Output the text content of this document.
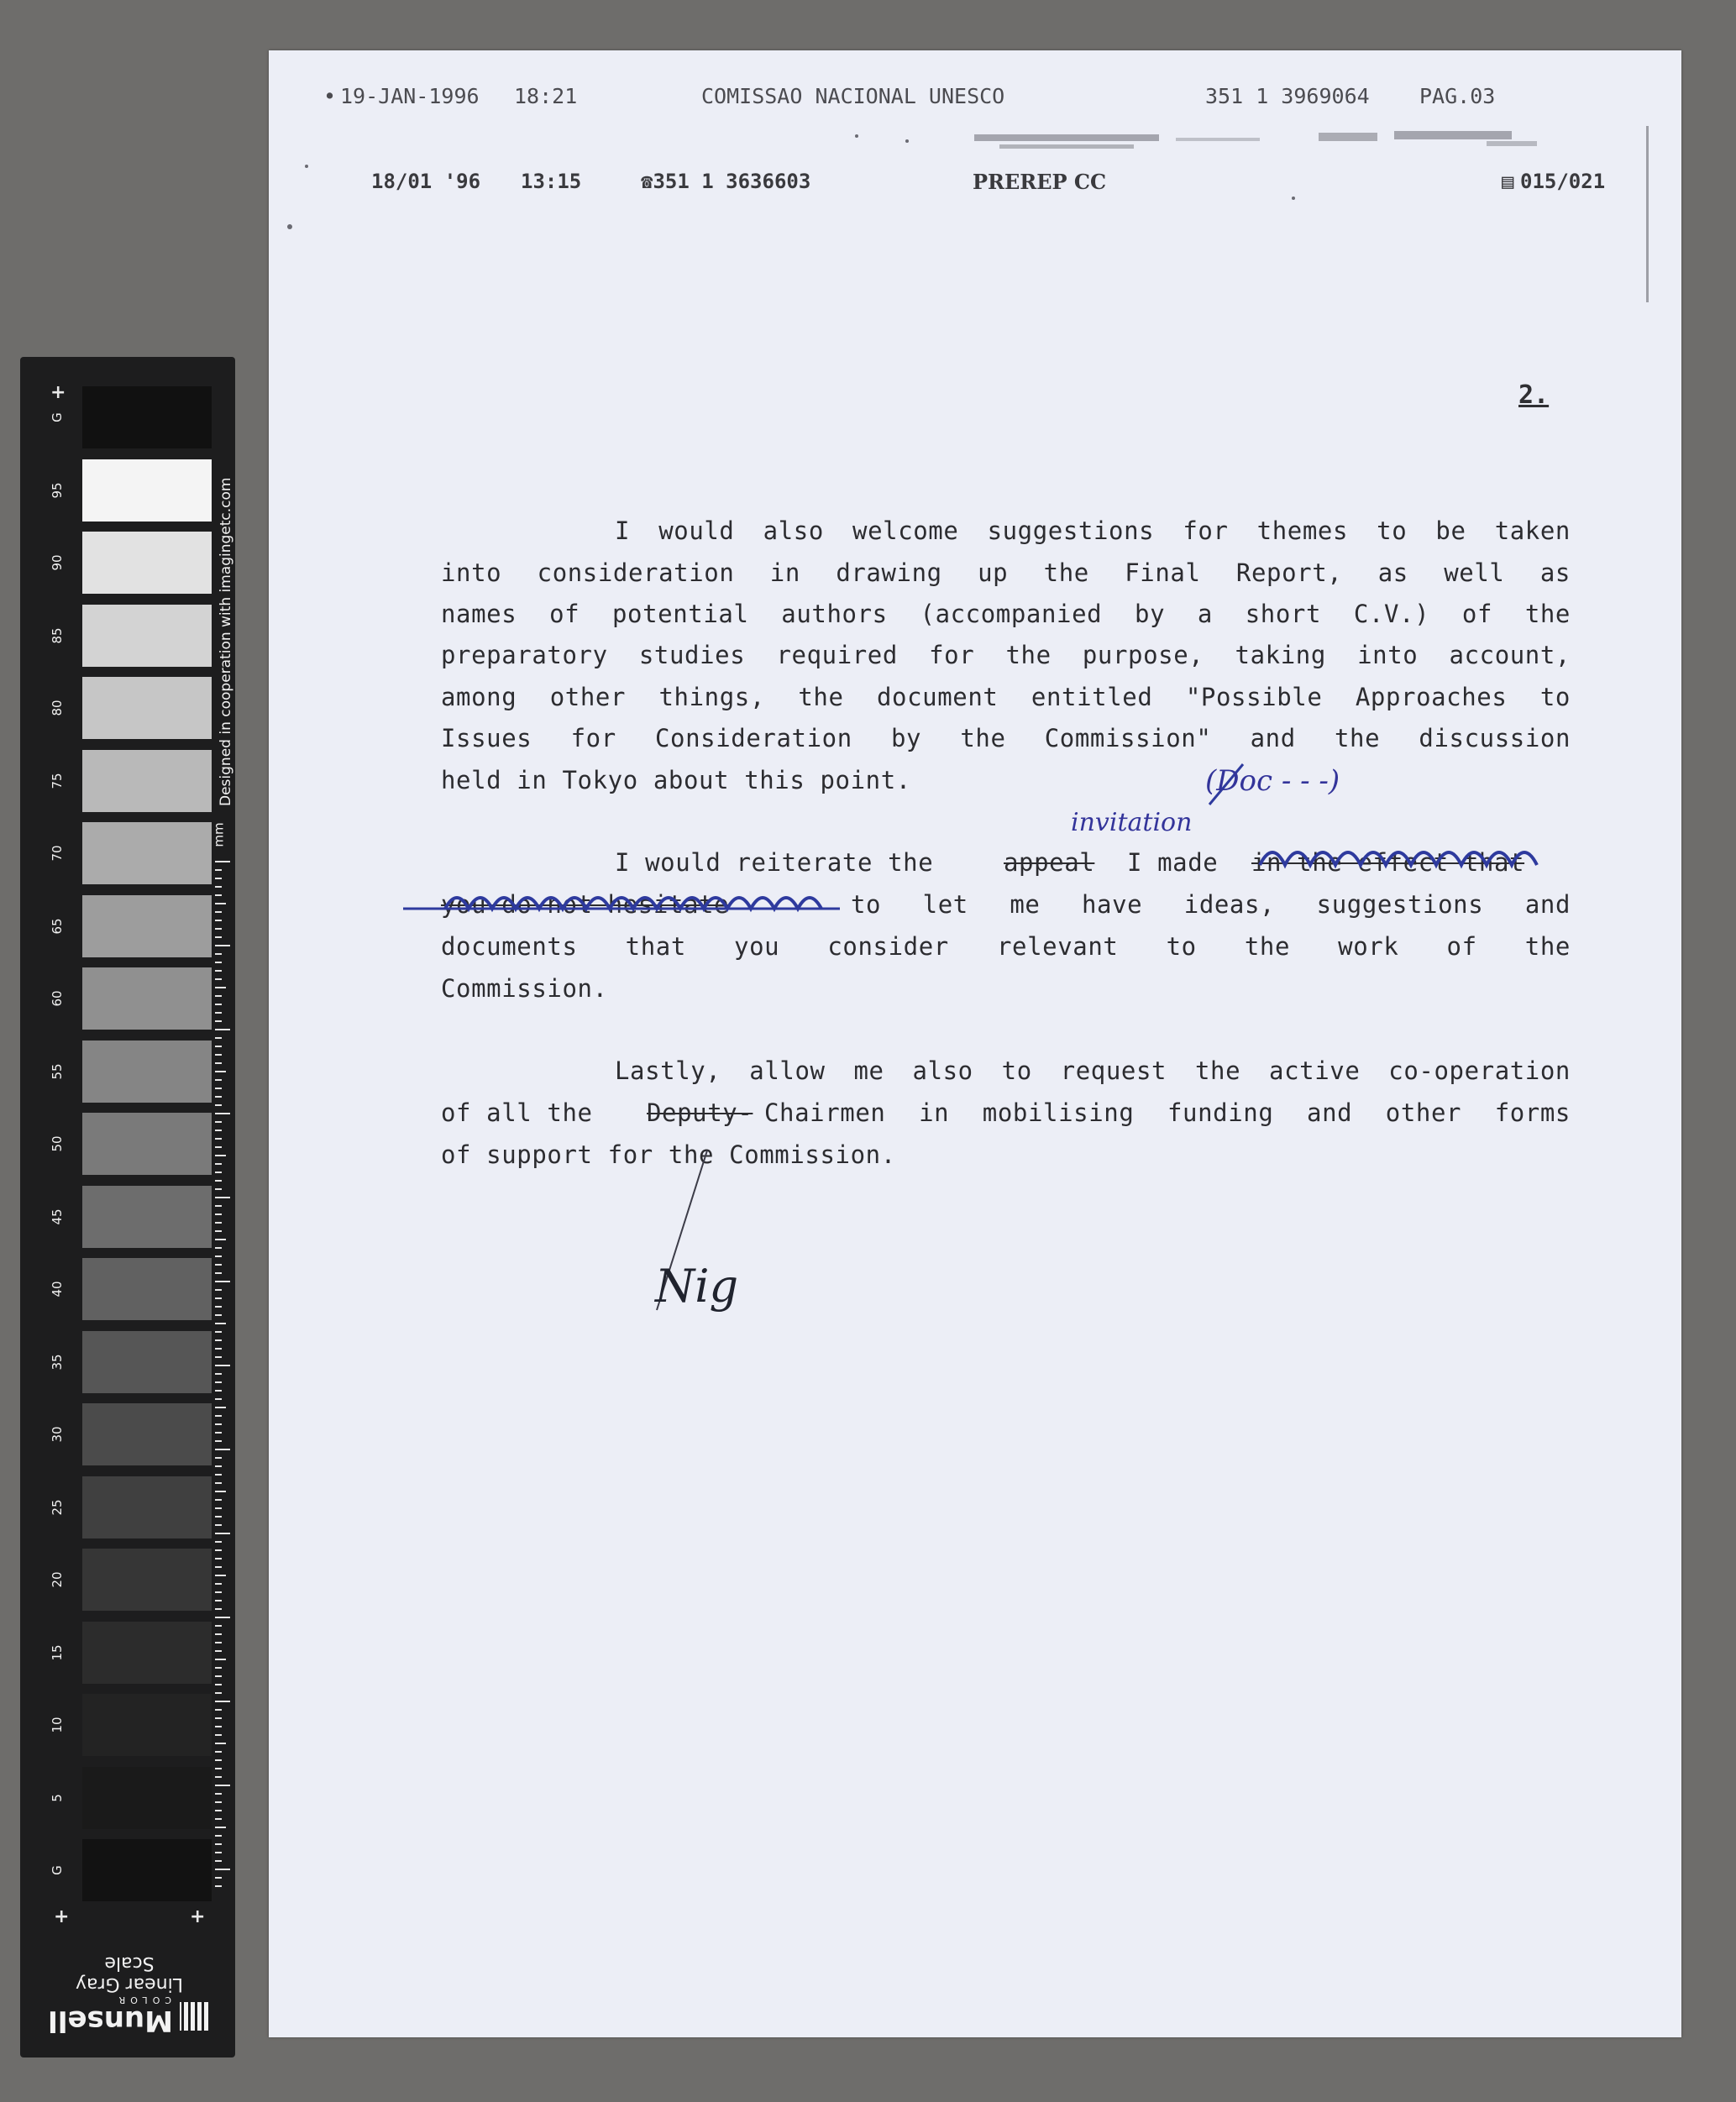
+
+	+
G
95
90
85
80
75
70
65
60
55
50
45
40
35
30
25
20
15
10
5
G
mm
Designed in cooperation with imagingetc.com
Linear Gray Scale
Munsell
COLOR
• 19-JAN-1996 18:21	COMISSAO NACIONAL UNESCO	351 1 3969064 PAG.03
18/01 '96 13:15	☎351 1 3636603	PREREP CC	▤ 015/021
2.
I would also welcome suggestions for themes to be taken
into consideration in drawing up the Final Report, as well as
names of potential authors (accompanied by a short C.V.) of the
preparatory studies required for the purpose, taking into account,
among other things, the document entitled "Possible Approaches to
Issues for Consideration by the Commission" and the discussion
held in Tokyo about this point.
I would reiterate the	appeal I made in the effect that
you do not hesitate	to let me have ideas, suggestions and
documents that you consider relevant to the work of the
Commission.
Lastly, allow me also to request the active co-operation
of all the Deputy- Chairmen in mobilising funding and other forms
of support for the Commission.
invitation
(Doc - - -)
Nig
